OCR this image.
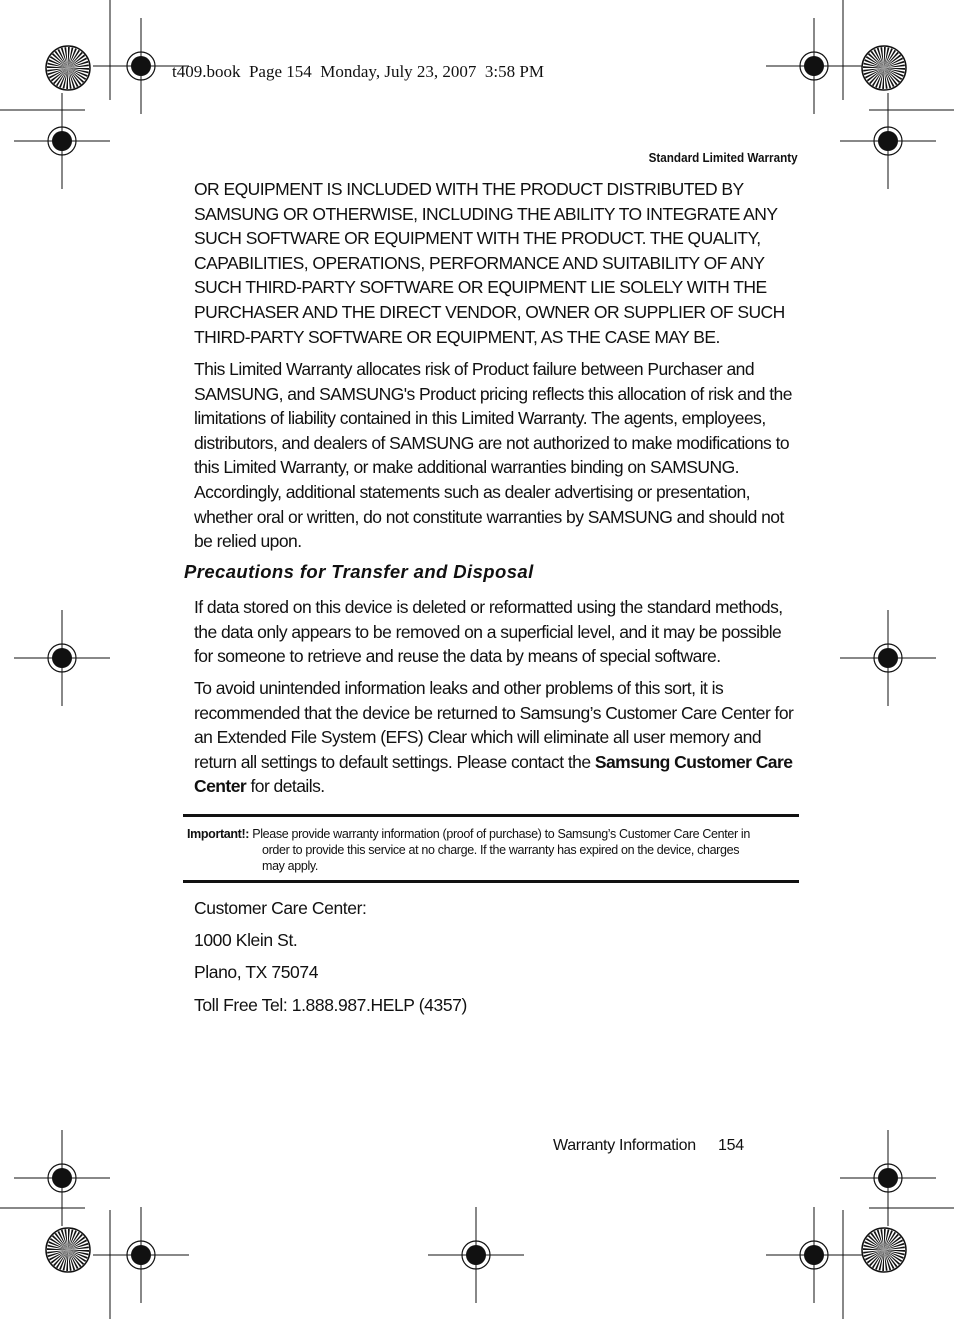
t409.book  Page 154  Monday, July 23, 2007  3:58 PM
Standard Limited Warranty

OR EQUIPMENT IS INCLUDED WITH THE PRODUCT DISTRIBUTED BY SAMSUNG OR OTHERWISE, INCLUDING THE ABILITY TO INTEGRATE ANY SUCH SOFTWARE OR EQUIPMENT WITH THE PRODUCT. THE QUALITY, CAPABILITIES, OPERATIONS, PERFORMANCE AND SUITABILITY OF ANY SUCH THIRD-PARTY SOFTWARE OR EQUIPMENT LIE SOLELY WITH THE PURCHASER AND THE DIRECT VENDOR, OWNER OR SUPPLIER OF SUCH THIRD-PARTY SOFTWARE OR EQUIPMENT, AS THE CASE MAY BE.

This Limited Warranty allocates risk of Product failure between Purchaser and SAMSUNG, and SAMSUNG's Product pricing reflects this allocation of risk and the limitations of liability contained in this Limited Warranty. The agents, employees, distributors, and dealers of SAMSUNG are not authorized to make modifications to this Limited Warranty, or make additional warranties binding on SAMSUNG. Accordingly, additional statements such as dealer advertising or presentation, whether oral or written, do not constitute warranties by SAMSUNG and should not be relied upon.

Precautions for Transfer and Disposal

If data stored on this device is deleted or reformatted using the standard methods, the data only appears to be removed on a superficial level, and it may be possible for someone to retrieve and reuse the data by means of special software.

To avoid unintended information leaks and other problems of this sort, it is recommended that the device be returned to Samsung’s Customer Care Center for an Extended File System (EFS) Clear which will eliminate all user memory and return all settings to default settings. Please contact the Samsung Customer Care Center for details.

Important!: Please provide warranty information (proof of purchase) to Samsung’s Customer Care Center in
order to provide this service at no charge. If the warranty has expired on the device, charges
may apply.

Customer Care Center:

1000 Klein St.

Plano, TX 75074

Toll Free Tel: 1.888.987.HELP (4357)

Warranty Information 154
